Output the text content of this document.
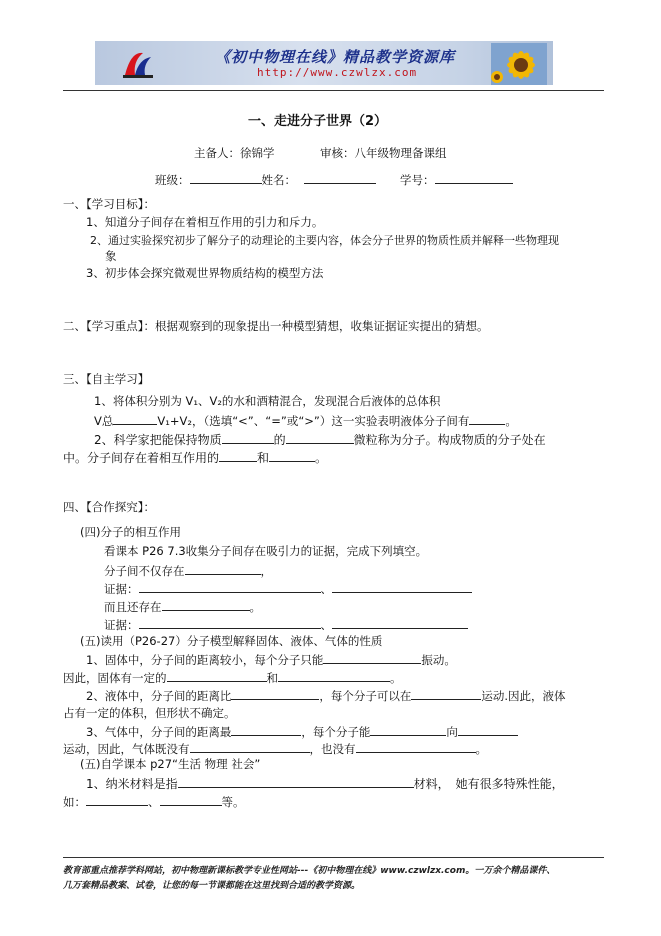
《初中物理在线》精品教学资源库
http://www.czwlzx.com
一、走进分子世界（2）
主备人：徐锦学	审核：八年级物理备课组
班级：	姓名：	学号：
一、【学习目标】：
1、知道分子间存在着相互作用的引力和斥力。
2、通过实验探究初步了解分子的动理论的主要内容，体会分子世界的物质性质并解释一些物理现
象
3、初步体会探究微观世界物质结构的模型方法
二、【学习重点】：根据观察到的现象提出一种模型猜想，收集证据证实提出的猜想。
三、【自主学习】
1、将体积分别为 V₁、V₂的水和酒精混合，发现混合后液体的总体积
V总	V₁+V₂，（选填“<”、“=”或“>”）这一实验表明液体分子间有	。
2、科学家把能保持物质	的	微粒称为分子。构成物质的分子处在
中。分子间存在着相互作用的	和	。
四、【合作探究】：
(四)分子的相互作用
看课本 P26 7.3收集分子间存在吸引力的证据，完成下列填空。
分子间不仅存在	，
证据：	、
而且还存在	。
证据：	、
(五)读用（P26-27）分子模型解释固体、液体、气体的性质
1、固体中，分子间的距离较小，每个分子只能	振动。
因此，固体有一定的	和	。
2、液体中，分子间的距离比	，每个分子可以在	运动.因此，液体
占有一定的体积，但形状不确定。
3、气体中，分子间的距离最	，每个分子能	向
运动，因此，气体既没有	，也没有	。
(五)自学课本 p27“生活 物理 社会”
1、纳米材料是指	材料， 她有很多特殊性能，
如：	、	等。
教育部重点推荐学科网站，初中物理新课标教学专业性网站---《初中物理在线》www.czwlzx.com。一万余个精品课件、
几万套精品教案、试卷，让您的每一节课都能在这里找到合适的教学资源。
